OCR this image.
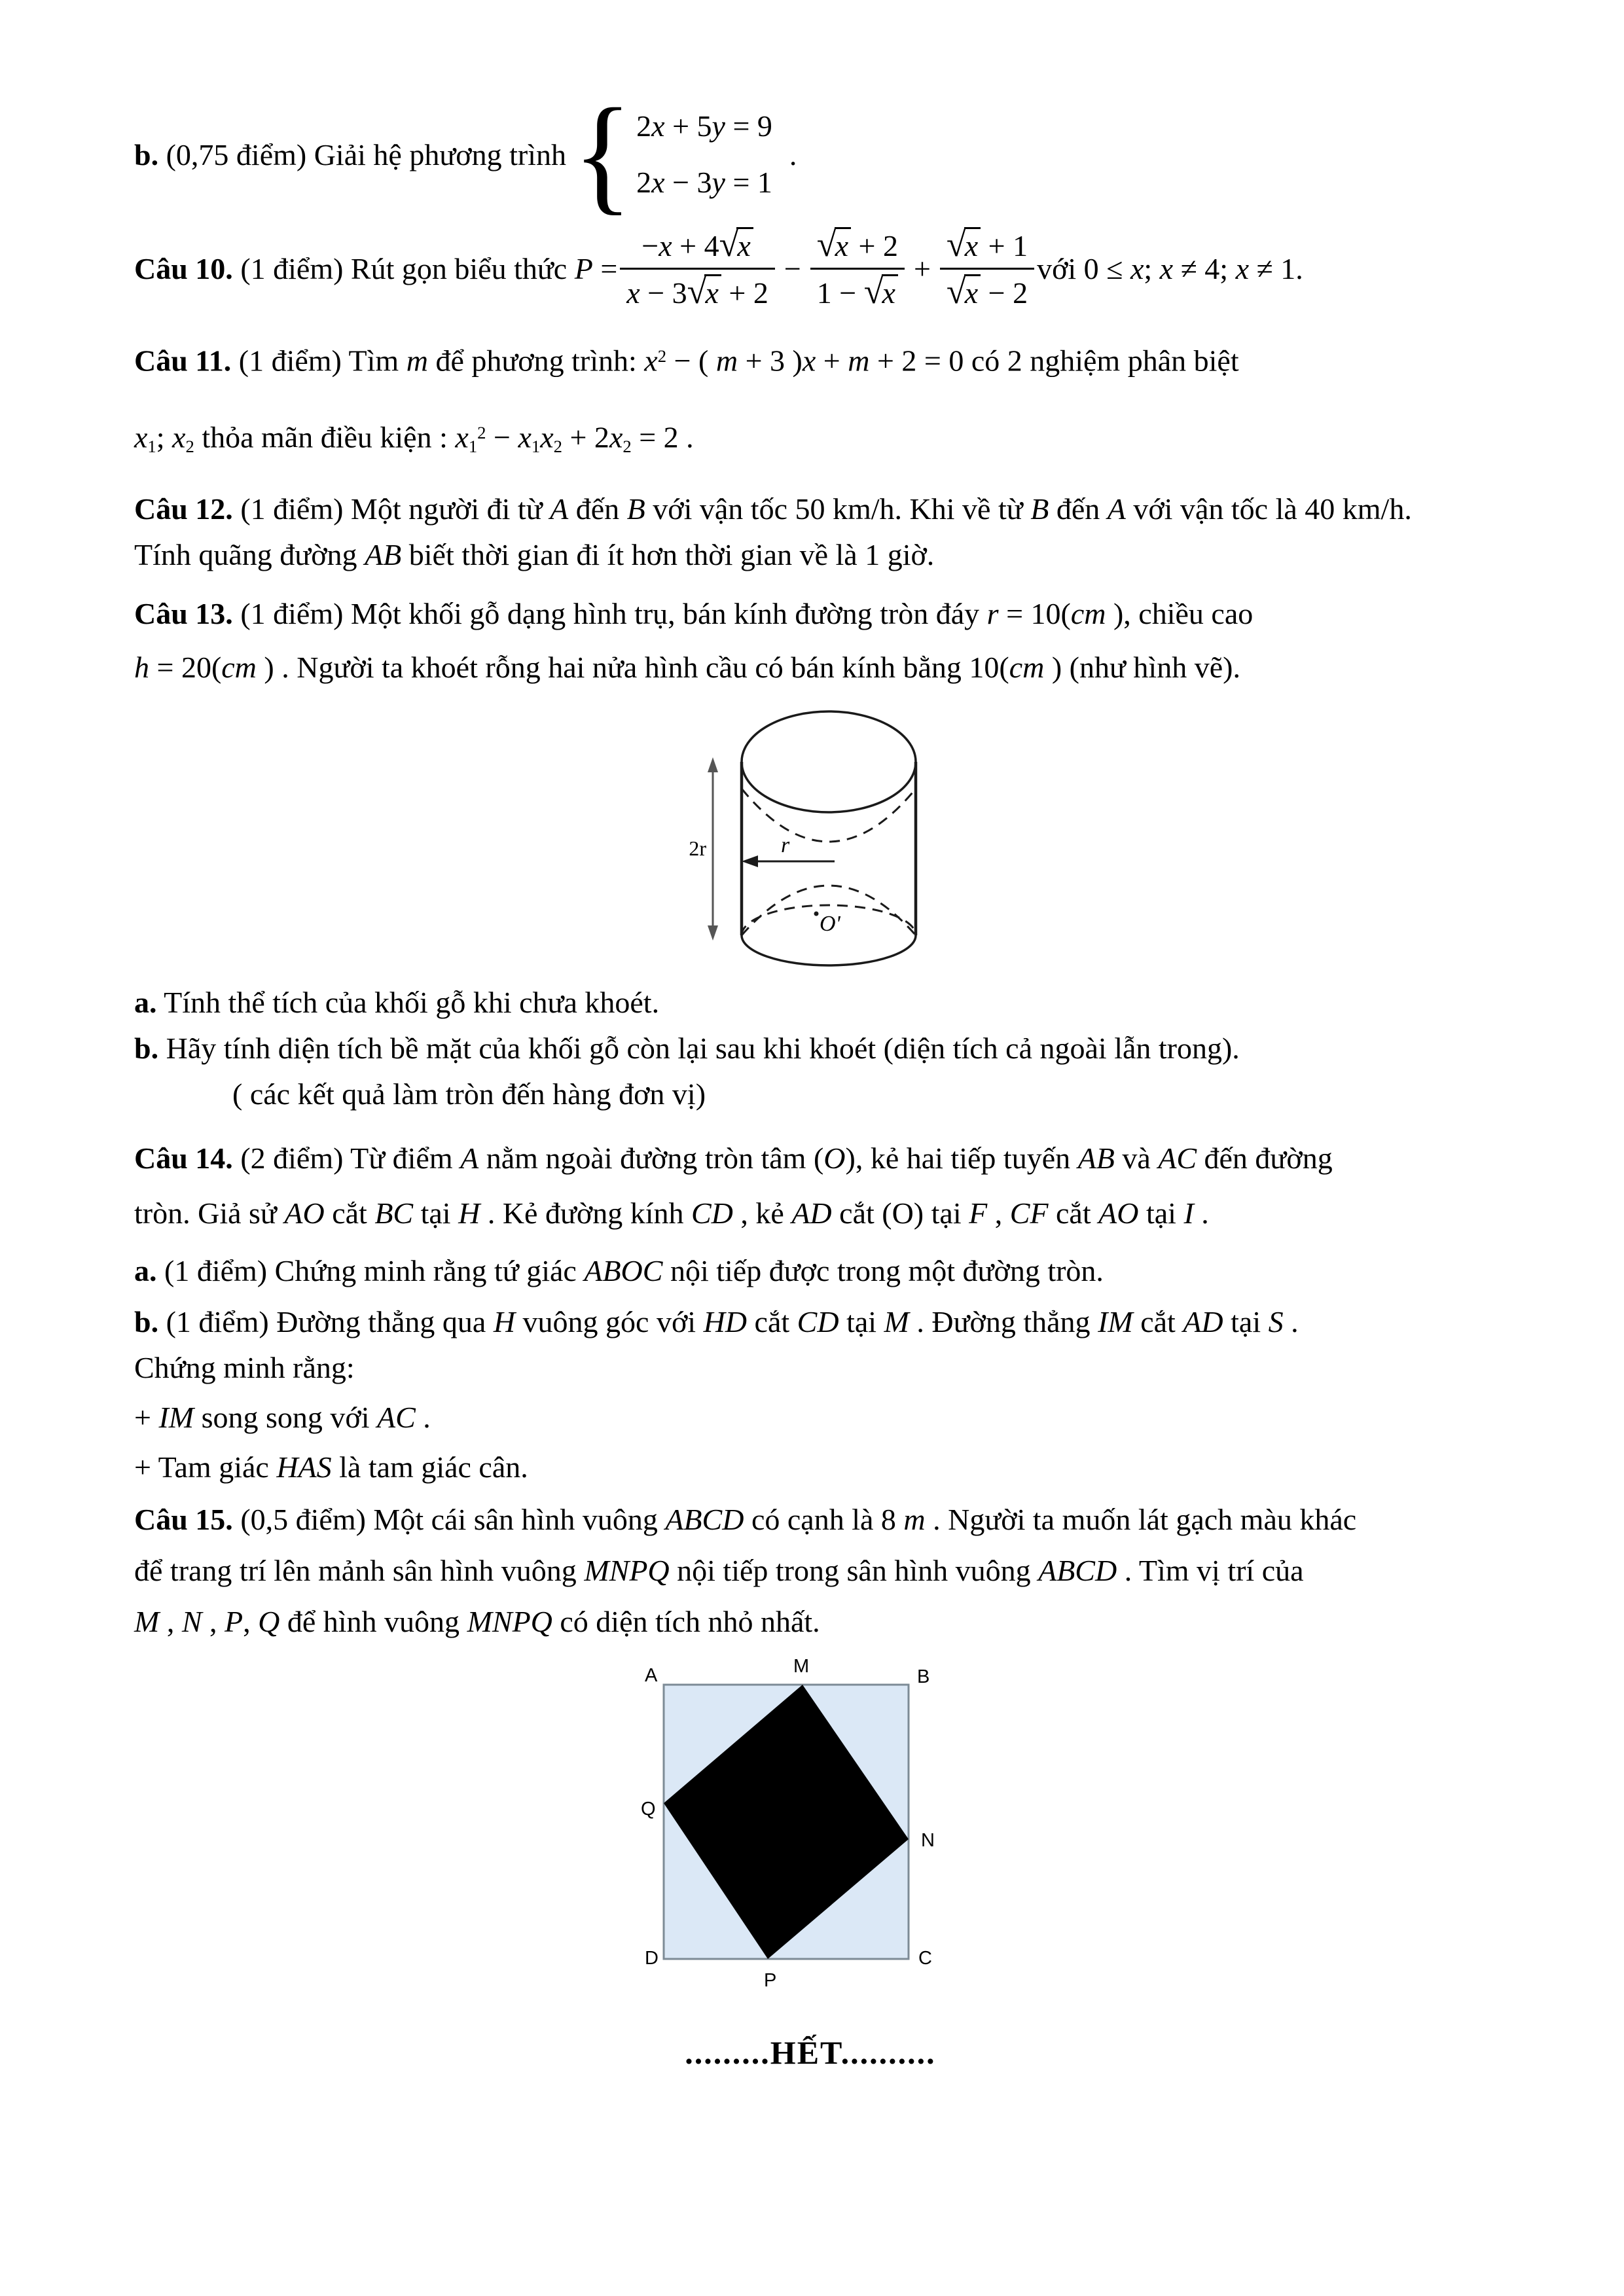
b. (0,75 điểm) Giải hệ phương trình { 2x + 5y = 9
2x − 3y = 1
.
Câu 10. (1 điểm) Rút gọn biểu thức $P = \frac{-x + 4√x}{x - 3√x + 2} - \frac{√x + 2}{1 - √x} + \frac{√x + 1}{√x - 2}$ với 0 ≤ x; x ≠ 4; x ≠ 1.
Câu 11. (1 điểm) Tìm m để phương trình: $x^2$ − ( m + 3 )x + m + 2 = 0 có 2 nghiệm phân biệt
$x_1$; $x_2$ thỏa mãn điều kiện : $x_1^2 - x_1x_2 + 2x_2 = 2$ .
Câu 12. (1 điểm) Một người đi từ A đến B với vận tốc 50 km/h. Khi về từ B đến A với vận tốc là 40 km/h.
Tính quãng đường AB biết thời gian đi ít hơn thời gian về là 1 giờ.
Câu 13. (1 điểm) Một khối gỗ dạng hình trụ, bán kính đường tròn đáy r = 10(cm ), chiều cao
h = 20(cm ) . Người ta khoét rỗng hai nửa hình cầu có bán kính bằng 10(cm ) (như hình vẽ).
r
2r
O'
a. Tính thể tích của khối gỗ khi chưa khoét.
b. Hãy tính diện tích bề mặt của khối gỗ còn lại sau khi khoét (diện tích cả ngoài lẫn trong).
( các kết quả làm tròn đến hàng đơn vị)
Câu 14. (2 điểm) Từ điểm A nằm ngoài đường tròn tâm (O), kẻ hai tiếp tuyến AB và AC đến đường
tròn. Giả sử AO cắt BC tại H . Kẻ đường kính CD , kẻ AD cắt (O) tại F , CF cắt AO tại I .
a. (1 điểm) Chứng minh rằng tứ giác ABOC nội tiếp được trong một đường tròn.
b. (1 điểm) Đường thẳng qua H vuông góc với HD cắt CD tại M . Đường thẳng IM cắt AD tại S .
Chứng minh rằng:
+ IM song song với AC .
+ Tam giác HAS là tam giác cân.
Câu 15. (0,5 điểm) Một cái sân hình vuông ABCD có cạnh là 8 m . Người ta muốn lát gạch màu khác
để trang trí lên mảnh sân hình vuông MNPQ nội tiếp trong sân hình vuông ABCD . Tìm vị trí của
M , N , P, Q để hình vuông MNPQ có diện tích nhỏ nhất.
A	B
D	C
M
N
P
Q
.........HẾT..........
